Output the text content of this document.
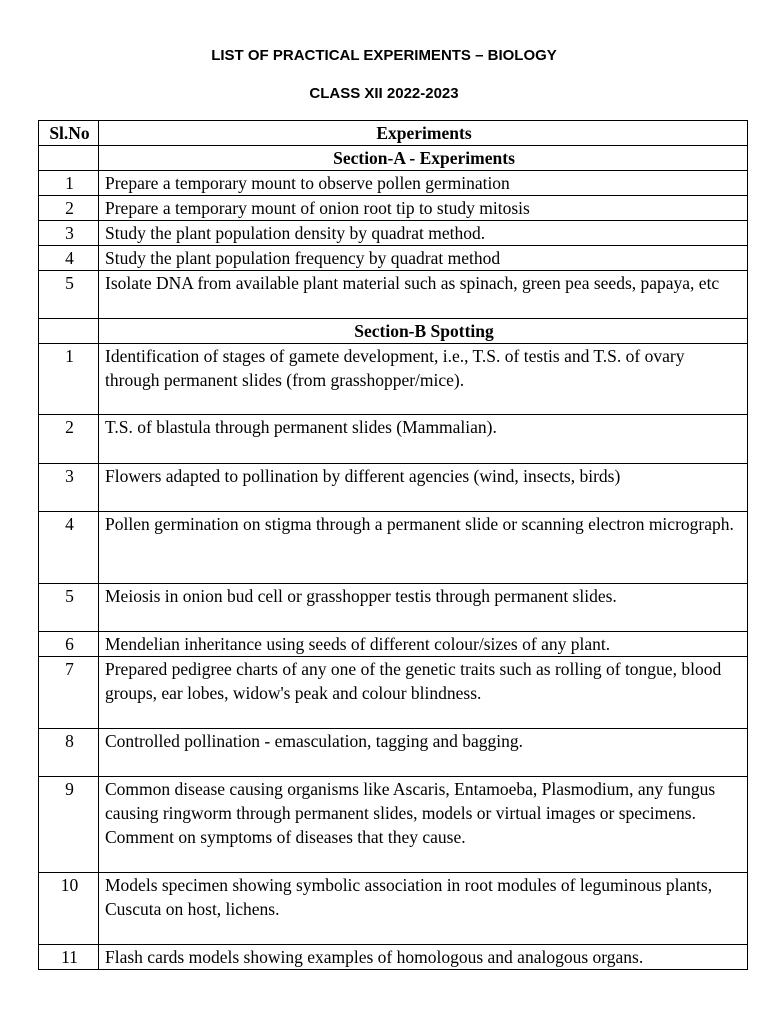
LIST OF PRACTICAL EXPERIMENTS – BIOLOGY

CLASS XII 2022-2023

Sl.No	Experiments
	Section-A - Experiments
1	Prepare a temporary mount to observe pollen germination
2	Prepare a temporary mount of onion root tip to study mitosis
3	Study the plant population density by quadrat method.
4	Study the plant population frequency by quadrat method
5	Isolate DNA from available plant material such as spinach, green pea seeds, papaya, etc
	Section-B Spotting
1	Identification of stages of gamete development, i.e., T.S. of testis and T.S. of ovary through permanent slides (from grasshopper/mice).
2	T.S. of blastula through permanent slides (Mammalian).
3	Flowers adapted to pollination by different agencies (wind, insects, birds)
4	Pollen germination on stigma through a permanent slide or scanning electron micrograph.
5	Meiosis in onion bud cell or grasshopper testis through permanent slides.
6	Mendelian inheritance using seeds of different colour/sizes of any plant.
7	Prepared pedigree charts of any one of the genetic traits such as rolling of tongue, blood groups, ear lobes, widow's peak and colour blindness.
8	Controlled pollination - emasculation, tagging and bagging.
9	Common disease causing organisms like Ascaris, Entamoeba, Plasmodium, any fungus causing ringworm through permanent slides, models or virtual images or specimens. Comment on symptoms of diseases that they cause.
10	Models specimen showing symbolic association in root modules of leguminous plants, Cuscuta on host, lichens.
11	Flash cards models showing examples of homologous and analogous organs.
